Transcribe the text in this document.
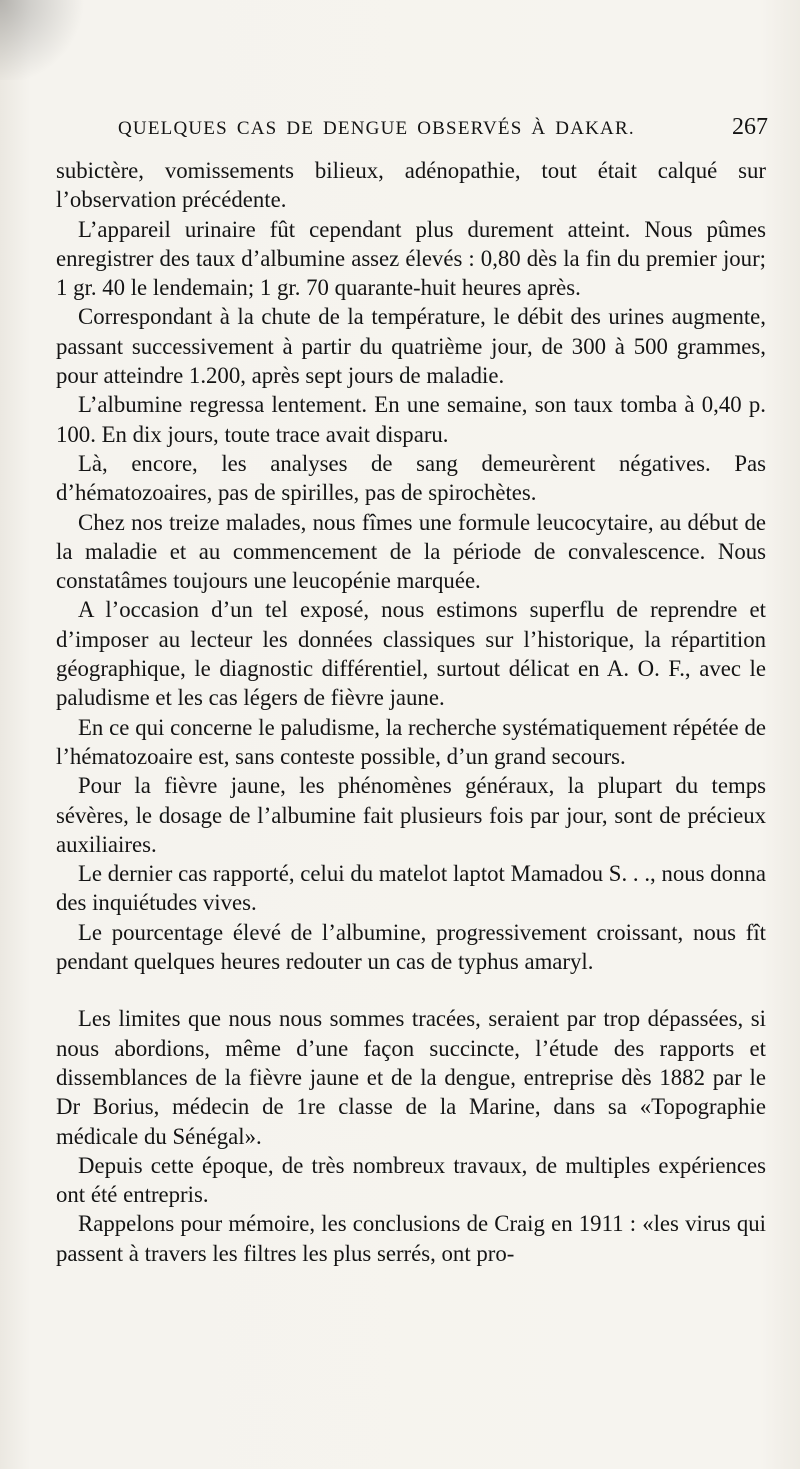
QUELQUES CAS DE DENGUE OBSERVÉS À DAKAR.	267

subictère, vomissements bilieux, adénopathie, tout était calqué sur l’observation précédente.

L’appareil urinaire fût cependant plus durement atteint. Nous pûmes enregistrer des taux d’albumine assez élevés : 0,80 dès la fin du premier jour; 1 gr. 40 le lendemain; 1 gr. 70 quarante-huit heures après.

Correspondant à la chute de la température, le débit des urines augmente, passant successivement à partir du quatrième jour, de 300 à 500 grammes, pour atteindre 1.200, après sept jours de maladie.

L’albumine regressa lentement. En une semaine, son taux tomba à 0,40 p. 100. En dix jours, toute trace avait disparu.

Là, encore, les analyses de sang demeurèrent négatives. Pas d’hématozoaires, pas de spirilles, pas de spirochètes.

Chez nos treize malades, nous fîmes une formule leucocytaire, au début de la maladie et au commencement de la période de convalescence. Nous constatâmes toujours une leucopénie marquée.

A l’occasion d’un tel exposé, nous estimons superflu de reprendre et d’imposer au lecteur les données classiques sur l’historique, la répartition géographique, le diagnostic différentiel, surtout délicat en A. O. F., avec le paludisme et les cas légers de fièvre jaune.

En ce qui concerne le paludisme, la recherche systématiquement répétée de l’hématozoaire est, sans conteste possible, d’un grand secours.

Pour la fièvre jaune, les phénomènes généraux, la plupart du temps sévères, le dosage de l’albumine fait plusieurs fois par jour, sont de précieux auxiliaires.

Le dernier cas rapporté, celui du matelot laptot Mamadou S. . ., nous donna des inquiétudes vives.

Le pourcentage élevé de l’albumine, progressivement croissant, nous fît pendant quelques heures redouter un cas de typhus amaryl.

Les limites que nous nous sommes tracées, seraient par trop dépassées, si nous abordions, même d’une façon succincte, l’étude des rapports et dissemblances de la fièvre jaune et de la dengue, entreprise dès 1882 par le Dr Borius, médecin de 1re classe de la Marine, dans sa «Topographie médicale du Sénégal».

Depuis cette époque, de très nombreux travaux, de multiples expériences ont été entrepris.

Rappelons pour mémoire, les conclusions de Craig en 1911 : «les virus qui passent à travers les filtres les plus serrés, ont pro-
